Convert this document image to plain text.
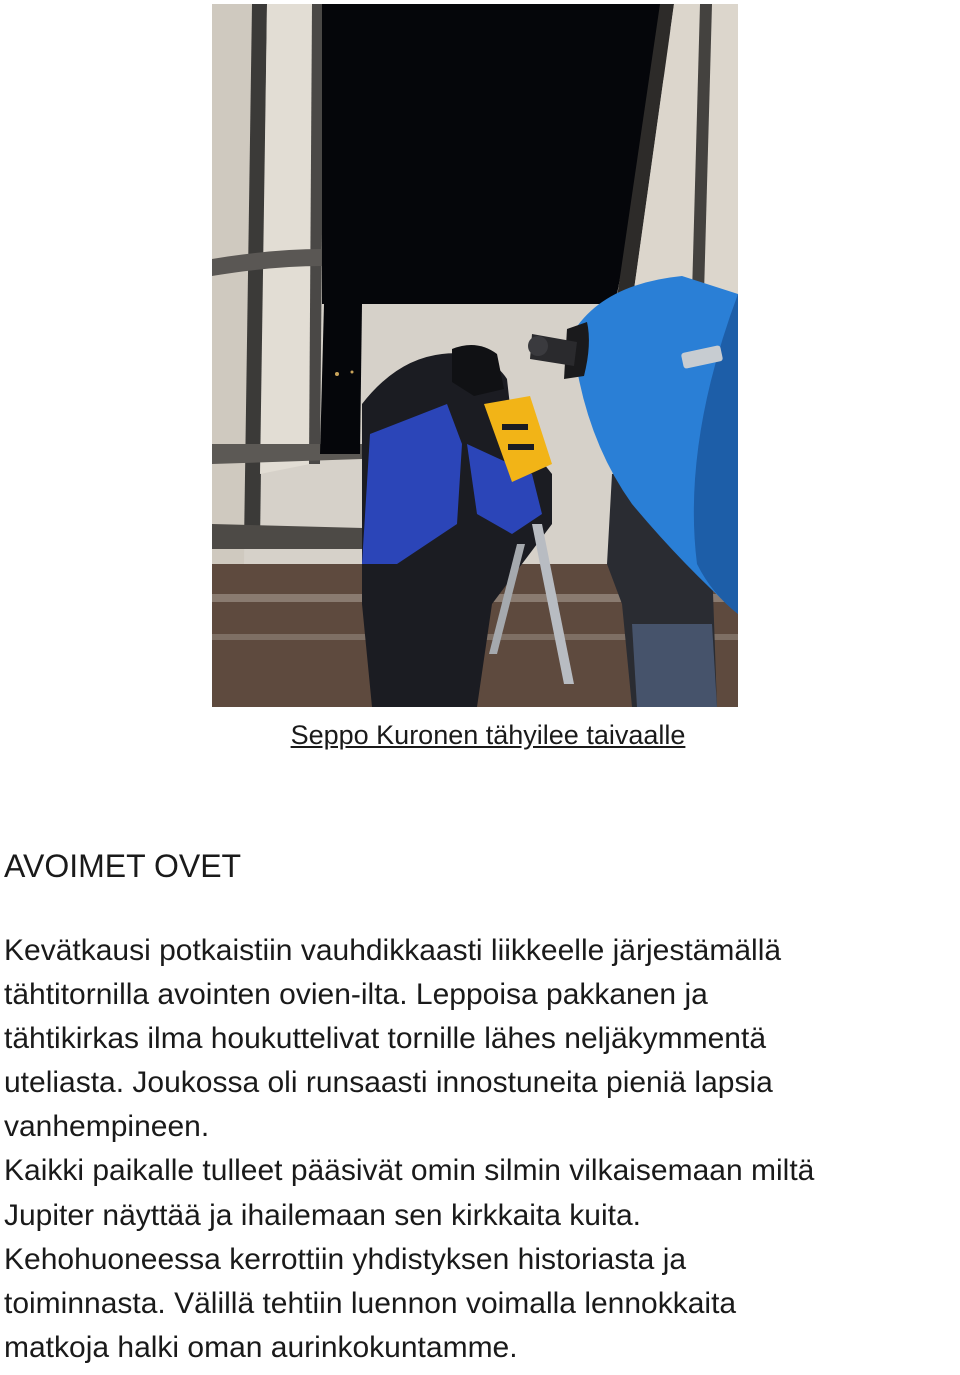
Seppo Kuronen tähyilee taivaalle
AVOIMET OVET

Kevätkausi potkaistiin vauhdikkaasti liikkeelle järjestämällä
tähtitornilla avointen ovien-ilta. Leppoisa pakkanen ja
tähtikirkas ilma houkuttelivat tornille lähes neljäkymmentä
uteliasta. Joukossa oli runsaasti innostuneita pieniä lapsia
vanhempineen.
Kaikki paikalle tulleet pääsivät omin silmin vilkaisemaan miltä
Jupiter näyttää ja ihailemaan sen kirkkaita kuita.
Kehohuoneessa kerrottiin yhdistyksen historiasta ja
toiminnasta. Välillä tehtiin luennon voimalla lennokkaita
matkoja halki oman aurinkokuntamme.
